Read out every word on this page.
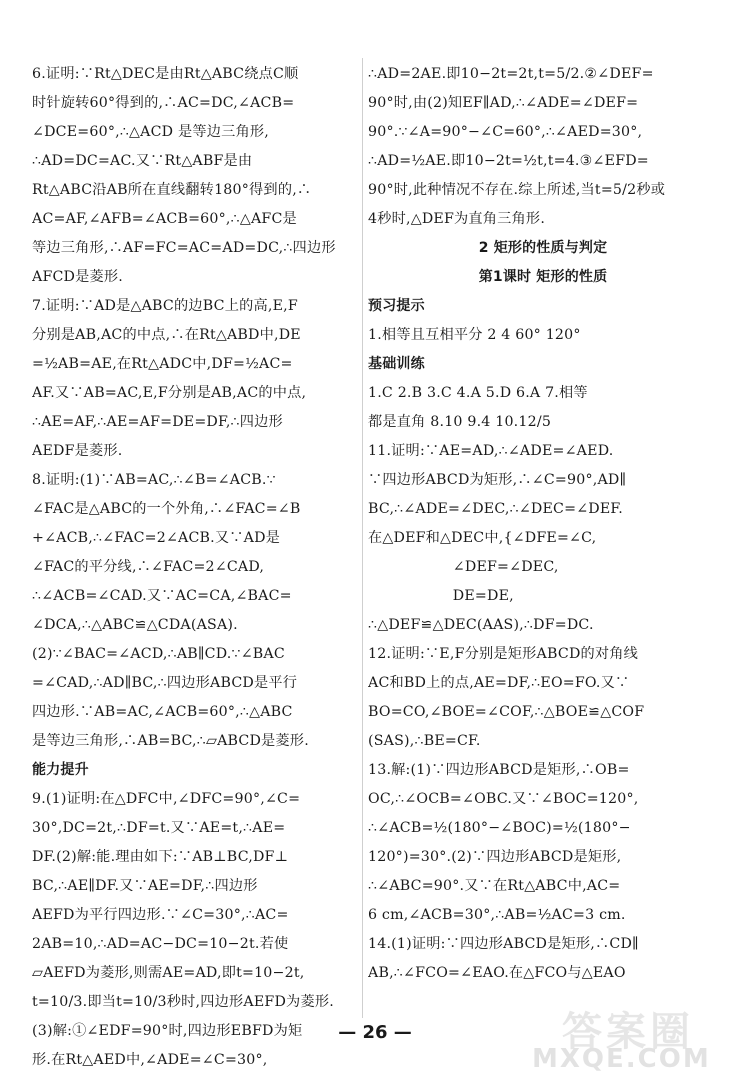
6.证明:∵Rt△DEC是由Rt△ABC绕点C顺
时针旋转60°得到的,∴AC=DC,∠ACB=
∠DCE=60°,∴△ACD 是等边三角形,
∴AD=DC=AC.又∵Rt△ABF是由
Rt△ABC沿AB所在直线翻转180°得到的,∴
AC=AF,∠AFB=∠ACB=60°,∴△AFC是
等边三角形,∴AF=FC=AC=AD=DC,∴四边形
AFCD是菱形.
7.证明:∵AD是△ABC的边BC上的高,E,F
分别是AB,AC的中点,∴在Rt△ABD中,DE
=½AB=AE,在Rt△ADC中,DF=½AC=
AF.又∵AB=AC,E,F分别是AB,AC的中点,
∴AE=AF,∴AE=AF=DE=DF,∴四边形
AEDF是菱形.
8.证明:(1)∵AB=AC,∴∠B=∠ACB.∵
∠FAC是△ABC的一个外角,∴∠FAC=∠B
+∠ACB,∴∠FAC=2∠ACB.又∵AD是
∠FAC的平分线,∴∠FAC=2∠CAD,
∴∠ACB=∠CAD.又∵AC=CA,∠BAC=
∠DCA,∴△ABC≌△CDA(ASA).
(2)∵∠BAC=∠ACD,∴AB∥CD.∵∠BAC
=∠CAD,∴AD∥BC,∴四边形ABCD是平行
四边形.∵AB=AC,∠ACB=60°,∴△ABC
是等边三角形,∴AB=BC,∴▱ABCD是菱形.
能力提升
9.(1)证明:在△DFC中,∠DFC=90°,∠C=
30°,DC=2t,∴DF=t.又∵AE=t,∴AE=
DF.(2)解:能.理由如下:∵AB⊥BC,DF⊥
BC,∴AE∥DF.又∵AE=DF,∴四边形
AEFD为平行四边形.∵∠C=30°,∴AC=
2AB=10,∴AD=AC−DC=10−2t.若使
▱AEFD为菱形,则需AE=AD,即t=10−2t,
t=10/3.即当t=10/3秒时,四边形AEFD为菱形.
(3)解:①∠EDF=90°时,四边形EBFD为矩
形.在Rt△AED中,∠ADE=∠C=30°,
∴AD=2AE.即10−2t=2t,t=5/2.②∠DEF=
90°时,由(2)知EF∥AD,∴∠ADE=∠DEF=
90°.∵∠A=90°−∠C=60°,∴∠AED=30°,
∴AD=½AE.即10−2t=½t,t=4.③∠EFD=
90°时,此种情况不存在.综上所述,当t=5/2秒或
4秒时,△DEF为直角三角形.
2 矩形的性质与判定
第1课时 矩形的性质
预习提示
1.相等且互相平分 2 4 60° 120°
基础训练
1.C 2.B 3.C 4.A 5.D 6.A 7.相等
都是直角 8.10 9.4 10.12/5
11.证明:∵AE=AD,∴∠ADE=∠AED.
∵四边形ABCD为矩形,∴∠C=90°,AD∥
BC,∴∠ADE=∠DEC,∴∠DEC=∠DEF.
在△DEF和△DEC中,{∠DFE=∠C,
∠DEF=∠DEC,
DE=DE,
∴△DEF≌△DEC(AAS),∴DF=DC.
12.证明:∵E,F分别是矩形ABCD的对角线
AC和BD上的点,AE=DF,∴EO=FO.又∵
BO=CO,∠BOE=∠COF,∴△BOE≌△COF
(SAS),∴BE=CF.
13.解:(1)∵四边形ABCD是矩形,∴OB=
OC,∴∠OCB=∠OBC.又∵∠BOC=120°,
∴∠ACB=½(180°−∠BOC)=½(180°−
120°)=30°.(2)∵四边形ABCD是矩形,
∴∠ABC=90°.又∵在Rt△ABC中,AC=
6 cm,∠ACB=30°,∴AB=½AC=3 cm.
14.(1)证明:∵四边形ABCD是矩形,∴CD∥
AB,∴∠FCO=∠EAO.在△FCO与△EAO
— 26 —	答案圈
MXQE.COM
